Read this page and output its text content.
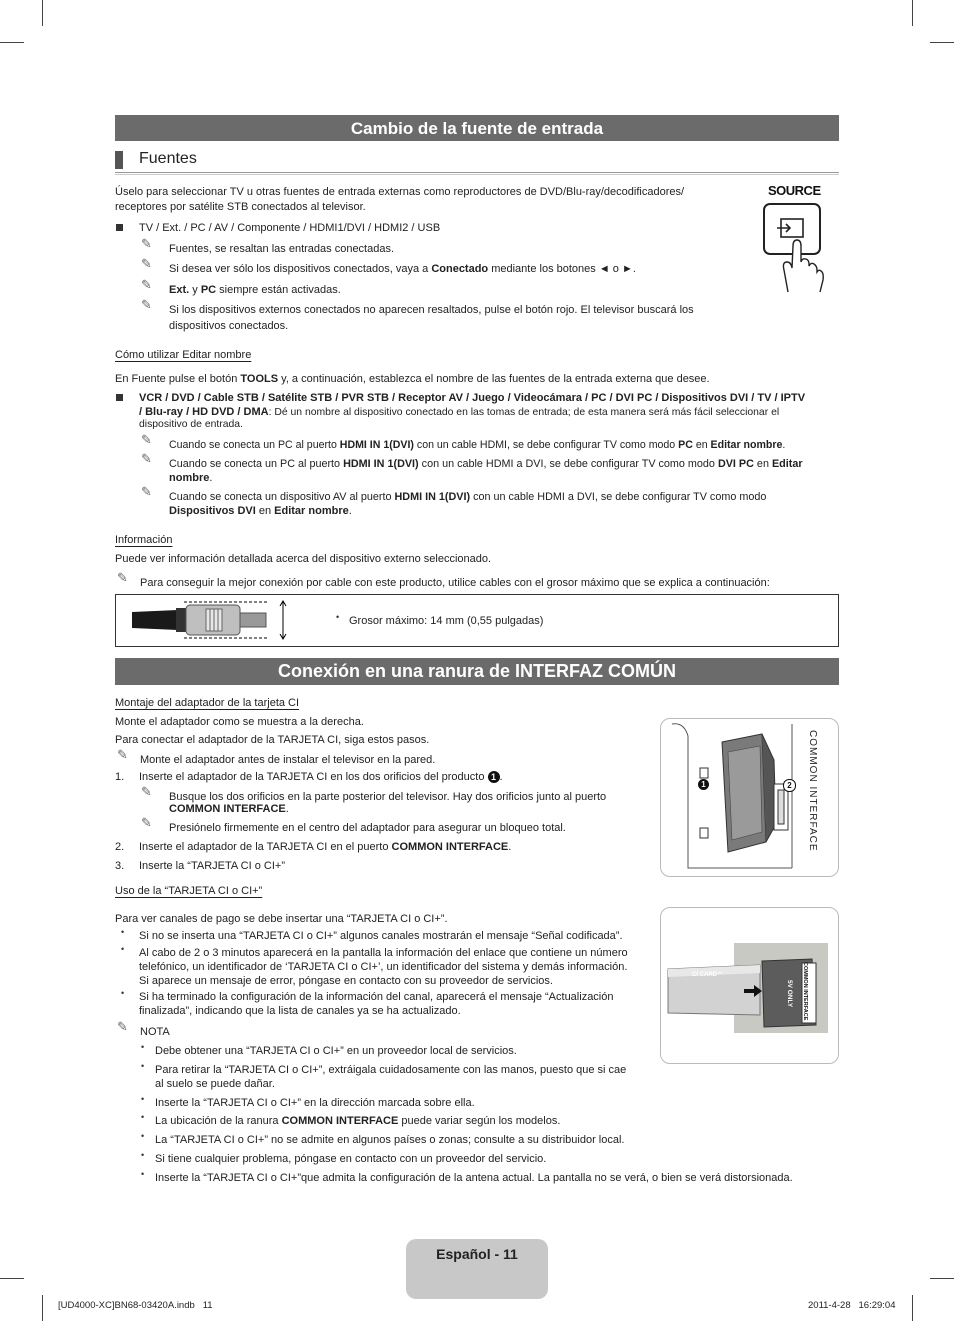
Cambio de la fuente de entrada
Fuentes
Úselo para seleccionar TV u otras fuentes de entrada externas como reproductores de DVD/Blu-ray/decodificadores/
receptores por satélite STB conectados al televisor.
TV / Ext. / PC / AV / Componente / HDMI1/DVI / HDMI2 / USB
✎ Fuentes, se resaltan las entradas conectadas.
✎ Si desea ver sólo los dispositivos conectados, vaya a Conectado mediante los botones ◄ o ►.
✎ Ext. y PC siempre están activadas.
✎ Si los dispositivos externos conectados no aparecen resaltados, pulse el botón rojo. El televisor buscará los
dispositivos conectados.
SOURCE
Cómo utilizar Editar nombre
En Fuente pulse el botón TOOLS y, a continuación, establezca el nombre de las fuentes de la entrada externa que desee.
VCR / DVD / Cable STB / Satélite STB / PVR STB / Receptor AV / Juego / Videocámara / PC / DVI PC / Dispositivos DVI / TV / IPTV
/ Blu-ray / HD DVD / DMA: Dé un nombre al dispositivo conectado en las tomas de entrada; de esta manera será más fácil seleccionar el
dispositivo de entrada.
✎ Cuando se conecta un PC al puerto HDMI IN 1(DVI) con un cable HDMI, se debe configurar TV como modo PC en Editar nombre.
✎ Cuando se conecta un PC al puerto HDMI IN 1(DVI) con un cable HDMI a DVI, se debe configurar TV como modo DVI PC en Editar
nombre.
✎ Cuando se conecta un dispositivo AV al puerto HDMI IN 1(DVI) con un cable HDMI a DVI, se debe configurar TV como modo
Dispositivos DVI en Editar nombre.
Información
Puede ver información detallada acerca del dispositivo externo seleccionado.
✎ Para conseguir la mejor conexión por cable con este producto, utilice cables con el grosor máximo que se explica a continuación:
• Grosor máximo: 14 mm (0,55 pulgadas)
Conexión en una ranura de INTERFAZ COMÚN
Montaje del adaptador de la tarjeta CI
Monte el adaptador como se muestra a la derecha.
Para conectar el adaptador de la TARJETA CI, siga estos pasos.
✎ Monte el adaptador antes de instalar el televisor en la pared.
1. Inserte el adaptador de la TARJETA CI en los dos orificios del producto 1 .
✎ Busque los dos orificios en la parte posterior del televisor. Hay dos orificios junto al puerto
COMMON INTERFACE.
✎ Presiónelo firmemente en el centro del adaptador para asegurar un bloqueo total.
2. Inserte el adaptador de la TARJETA CI en el puerto COMMON INTERFACE.
3. Inserte la “TARJETA CI o CI+”
1	2	COMMON INTERFACE
Uso de la “TARJETA CI o CI+”
Para ver canales de pago se debe insertar una “TARJETA CI o CI+”.
• Si no se inserta una “TARJETA CI o CI+” algunos canales mostrarán el mensaje “Señal codificada”.
• Al cabo de 2 o 3 minutos aparecerá en la pantalla la información del enlace que contiene un número
telefónico, un identificador de ‘TARJETA CI o CI+’, un identificador del sistema y demás información.
Si aparece un mensaje de error, póngase en contacto con su proveedor de servicios.
• Si ha terminado la configuración de la información del canal, aparecerá el mensaje “Actualización
finalizada”, indicando que la lista de canales ya se ha actualizado.
✎ NOTA
• Debe obtener una “TARJETA CI o CI+” en un proveedor local de servicios.
• Para retirar la “TARJETA CI o CI+”, extráigala cuidadosamente con las manos, puesto que si cae
al suelo se puede dañar.
• Inserte la “TARJETA CI o CI+” en la dirección marcada sobre ella.
• La ubicación de la ranura COMMON INTERFACE puede variar según los modelos.
• La “TARJETA CI o CI+” no se admite en algunos países o zonas; consulte a su distribuidor local.
• Si tiene cualquier problema, póngase en contacto con un proveedor del servicio.
• Inserte la “TARJETA CI o CI+”que admita la configuración de la antena actual. La pantalla no se verá, o bien se verá distorsionada.
CI CARD™	COMMON INTERFACE
5V ONLY
Español - 11
[UD4000-XC]BN68-03420A.indb   11	2011-4-28   16:29:04
